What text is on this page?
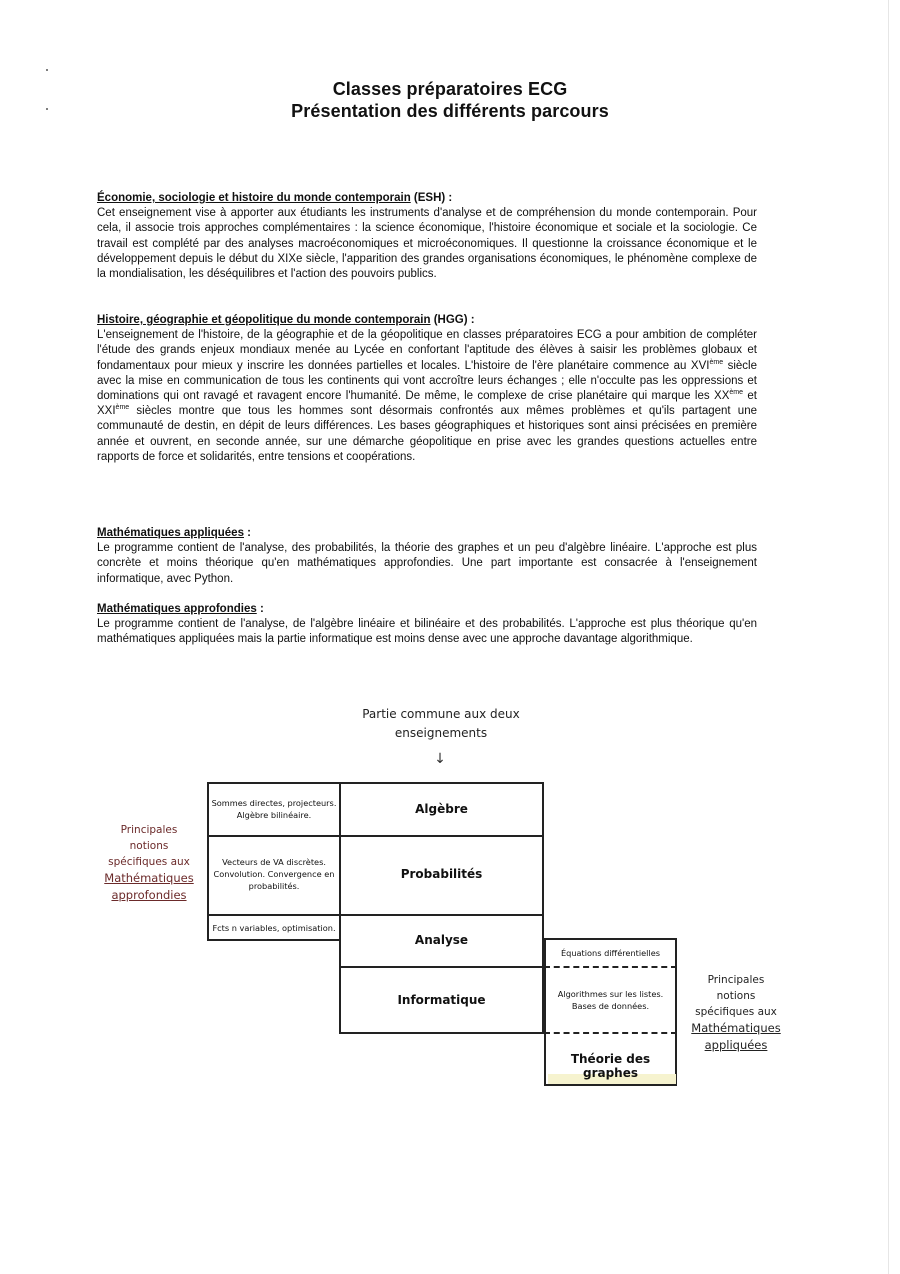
Classes préparatoires ECG
Présentation des différents parcours
Économie, sociologie et histoire du monde contemporain (ESH) :

Cet enseignement vise à apporter aux étudiants les instruments d'analyse et de compréhension du monde contemporain. Pour cela, il associe trois approches complémentaires : la science économique, l'histoire économique et sociale et la sociologie. Ce travail est complété par des analyses macroéconomiques et microéconomiques. Il questionne la croissance économique et le développement depuis le début du XIXe siècle, l'apparition des grandes organisations économiques, le phénomène complexe de la mondialisation, les déséquilibres et l'action des pouvoirs publics.

Histoire, géographie et géopolitique du monde contemporain (HGG) :

L'enseignement de l'histoire, de la géographie et de la géopolitique en classes préparatoires ECG a pour ambition de compléter l'étude des grands enjeux mondiaux menée au Lycée en confortant l'aptitude des élèves à saisir les problèmes globaux et fondamentaux pour mieux y inscrire les données partielles et locales. L'histoire de l'ère planétaire commence au XVIème siècle avec la mise en communication de tous les continents qui vont accroître leurs échanges ; elle n'occulte pas les oppressions et dominations qui ont ravagé et ravagent encore l'humanité. De même, le complexe de crise planétaire qui marque les XXème et XXIème siècles montre que tous les hommes sont désormais confrontés aux mêmes problèmes et qu'ils partagent une communauté de destin, en dépit de leurs différences. Les bases géographiques et historiques sont ainsi précisées en première année et ouvrent, en seconde année, sur une démarche géopolitique en prise avec les grandes questions actuelles entre rapports de force et solidarités, entre tensions et coopérations.

Mathématiques appliquées :

Le programme contient de l'analyse, des probabilités, la théorie des graphes et un peu d'algèbre linéaire. L'approche est plus concrète et moins théorique qu'en mathématiques approfondies. Une part importante est consacrée à l'enseignement informatique, avec Python.

Mathématiques approfondies :

Le programme contient de l'analyse, de l'algèbre linéaire et bilinéaire et des probabilités. L'approche est plus théorique qu'en mathématiques appliquées mais la partie informatique est moins dense avec une approche davantage algorithmique.

Partie commune aux deux enseignements
↓
Algèbre
Sommes directes, projecteurs. Algèbre bilinéaire.
Probabilités
Vecteurs de VA discrètes. Convolution. Convergence en probabilités.
Analyse
Fcts n variables, optimisation.
Informatique
Équations différentielles
Algorithmes sur les listes. Bases de données.
Théorie des graphes
Principales notions spécifiques aux
Mathématiques approfondies
Principales notions spécifiques aux
Mathématiques appliquées
